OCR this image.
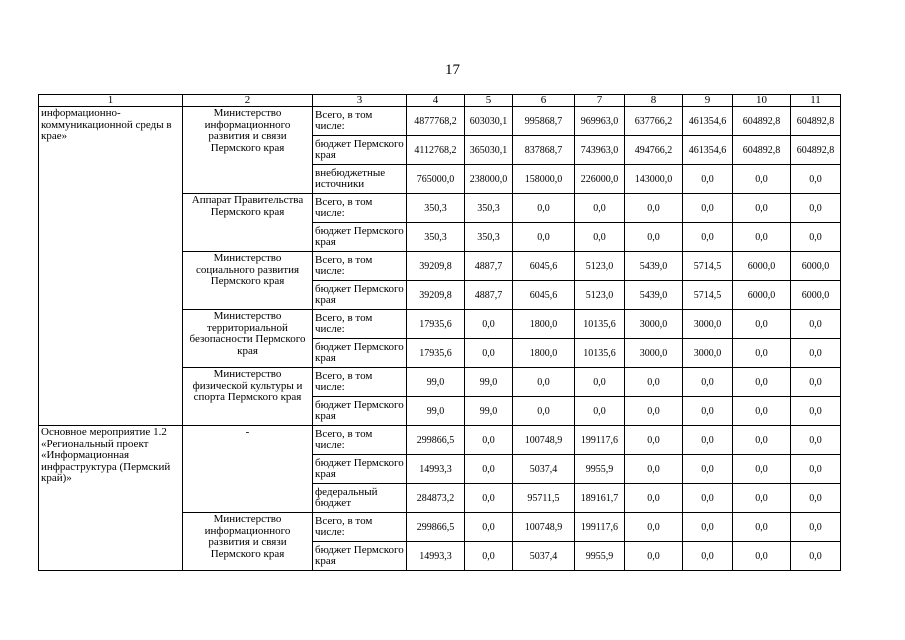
17
1	2	3	4	5	6	7	8	9	10	11
информационно-коммуникационной среды в крае»	Министерство информационного развития и связи Пермского края	Всего, в том числе:	4877768,2	603030,1	995868,7	969963,0	637766,2	461354,6	604892,8	604892,8
		бюджет Пермского края	4112768,2	365030,1	837868,7	743963,0	494766,2	461354,6	604892,8	604892,8
		внебюджетные источники	765000,0	238000,0	158000,0	226000,0	143000,0	0,0	0,0	0,0
	Аппарат Правительства Пермского края	Всего, в том числе:	350,3	350,3	0,0	0,0	0,0	0,0	0,0	0,0
		бюджет Пермского края	350,3	350,3	0,0	0,0	0,0	0,0	0,0	0,0
	Министерство социального развития Пермского края	Всего, в том числе:	39209,8	4887,7	6045,6	5123,0	5439,0	5714,5	6000,0	6000,0
		бюджет Пермского края	39209,8	4887,7	6045,6	5123,0	5439,0	5714,5	6000,0	6000,0
	Министерство территориальной безопасности Пермского края	Всего, в том числе:	17935,6	0,0	1800,0	10135,6	3000,0	3000,0	0,0	0,0
		бюджет Пермского края	17935,6	0,0	1800,0	10135,6	3000,0	3000,0	0,0	0,0
	Министерство физической культуры и спорта Пермского края	Всего, в том числе:	99,0	99,0	0,0	0,0	0,0	0,0	0,0	0,0
		бюджет Пермского края	99,0	99,0	0,0	0,0	0,0	0,0	0,0	0,0
Основное мероприятие 1.2 «Региональный проект «Информационная инфраструктура (Пермский край)»	-	Всего, в том числе:	299866,5	0,0	100748,9	199117,6	0,0	0,0	0,0	0,0
		бюджет Пермского края	14993,3	0,0	5037,4	9955,9	0,0	0,0	0,0	0,0
		федеральный бюджет	284873,2	0,0	95711,5	189161,7	0,0	0,0	0,0	0,0
	Министерство информационного развития и связи Пермского края	Всего, в том числе:	299866,5	0,0	100748,9	199117,6	0,0	0,0	0,0	0,0
		бюджет Пермского края	14993,3	0,0	5037,4	9955,9	0,0	0,0	0,0	0,0
